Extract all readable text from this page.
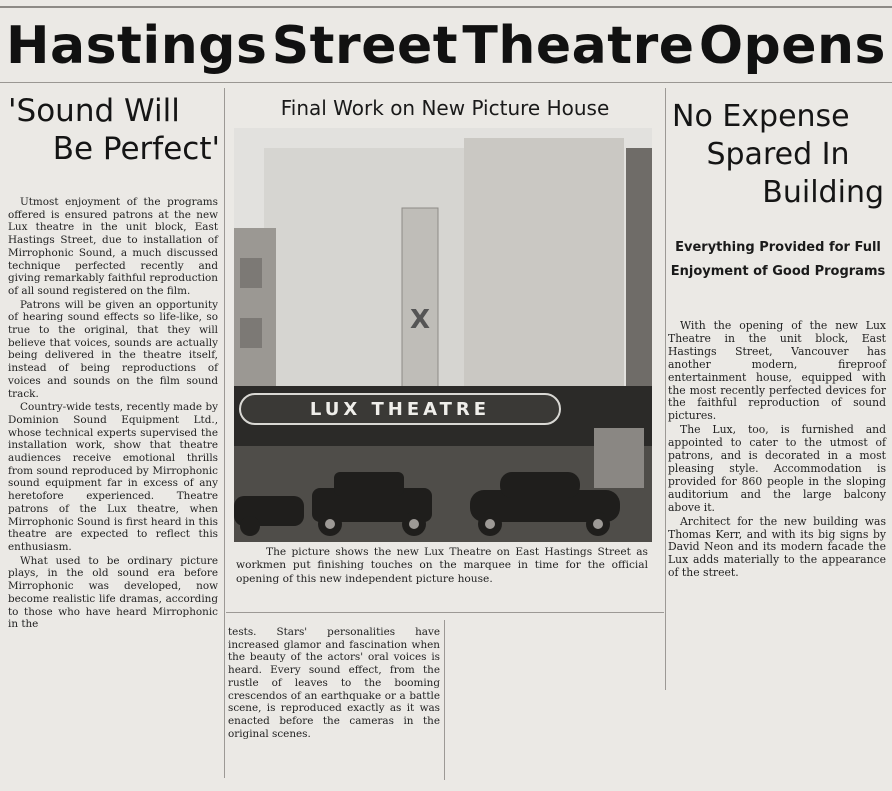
Hastings Street Theatre Opens
'Sound Will
Be Perfect'

Utmost enjoyment of the programs offered is ensured patrons at the new Lux theatre in the unit block, East Hastings Street, due to installation of Mirrophonic Sound, a much discussed technique perfected recently and giving remarkably faithful reproduction of all sound registered on the film.

Patrons will be given an opportunity of hearing sound effects so life-like, so true to the original, that they will believe that voices, sounds are actually being delivered in the theatre itself, instead of being reproductions of voices and sounds on the film sound track.

Country-wide tests, recently made by Dominion Sound Equipment Ltd., whose technical experts supervised the installation work, show that theatre audiences receive emotional thrills from sound reproduced by Mirrophonic sound equipment far in excess of any heretofore experienced. Theatre patrons of the Lux theatre, when Mirrophonic Sound is first heard in this theatre are expected to reflect this enthusiasm.

What used to be ordinary picture plays, in the old sound era before Mirrophonic was developed, now become realistic life dramas, according to those who have heard Mirrophonic in the

Final Work on New Picture House
X
LUX THEATRE
The picture shows the new Lux Theatre on East Hastings Street as workmen put finishing touches on the marquee in time for the official opening of this new independent picture house.

tests. Stars' personalities have increased glamor and fascination when the beauty of the actors' oral voices is heard. Every sound effect, from the rustle of leaves to the booming crescendos of an earthquake or a battle scene, is reproduced exactly as it was enacted before the cameras in the original scenes.

No Expense
Spared In
Building
Everything Provided for Full Enjoyment of Good Programs

With the opening of the new Lux Theatre in the unit block, East Hastings Street, Vancouver has another modern, fireproof entertainment house, equipped with the most recently perfected devices for the faithful reproduction of sound pictures.

The Lux, too, is furnished and appointed to cater to the utmost of patrons, and is decorated in a most pleasing style. Accommodation is provided for 860 people in the sloping auditorium and the large balcony above it.

Architect for the new building was Thomas Kerr, and with its big signs by David Neon and its modern facade the Lux adds materially to the appearance of the street.
